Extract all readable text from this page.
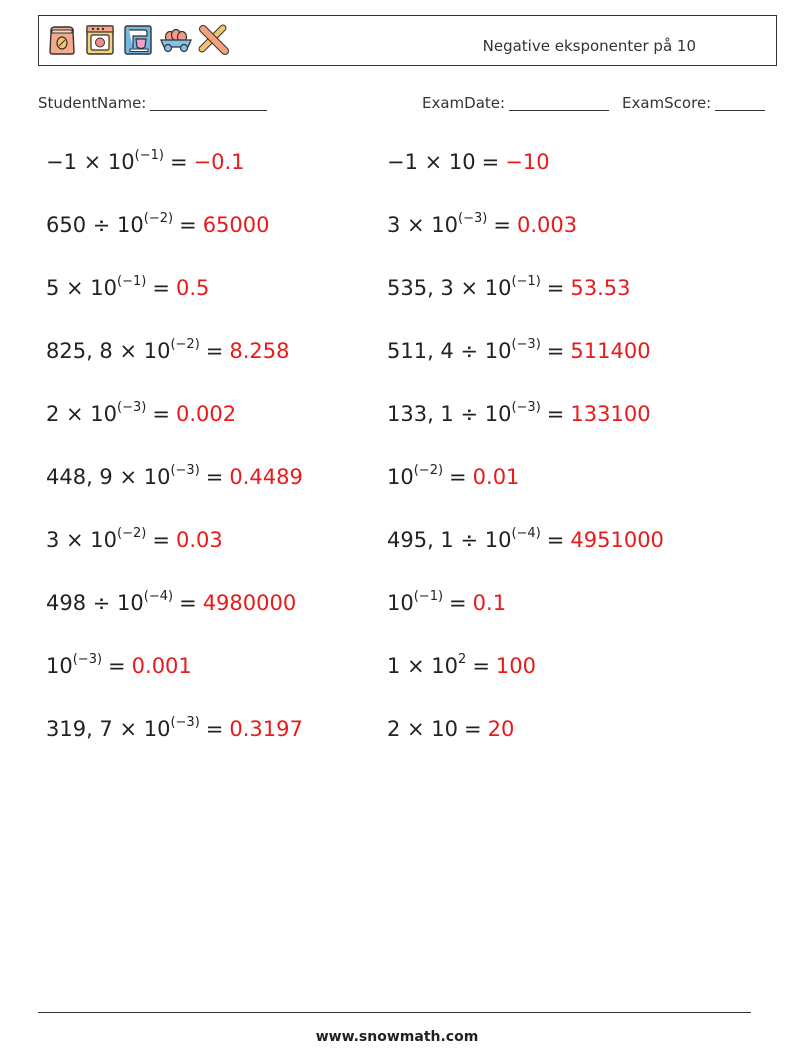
Negative eksponenter på 10
StudentName:	ExamDate:	ExamScore:
$-1 \times 10^{(-1)} = -0.1$	−1 × 10 = −10
$650 \div 10^{(-2)} = 65000$	$3 \times 10^{(-3)} = 0.003$
$5 \times 10^{(-1)} = 0.5$	535, $3 \times 10^{(-1)} = 53.53$
825, $8 \times 10^{(-2)} = 8.258$	511, $4 \div 10^{(-3)} = 511400$
$2 \times 10^{(-3)} = 0.002$	133, $1 \div 10^{(-3)} = 133100$
448, $9 \times 10^{(-3)} = 0.4489$	$10^{(-2)} = 0.01$
$3 \times 10^{(-2)} = 0.03$	495, $1 \div 10^{(-4)} = 4951000$
$498 \div 10^{(-4)} = 4980000$	$10^{(-1)} = 0.1$
$10^{(-3)} = 0.001$	$1 \times 10^2 = 100$
319, $7 \times 10^{(-3)} = 0.3197$	2 × 10 = 20
www.snowmath.com
